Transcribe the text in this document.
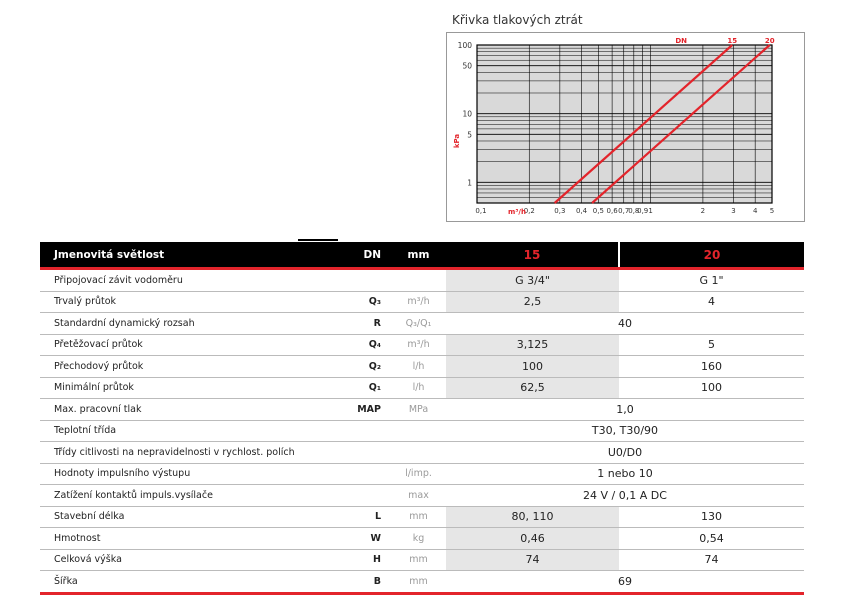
Křivka tlakových ztrát
1
5
10
50
100
0,1	0,2	0,3 0,4 0,5 0,6 0,7
0,8
0,9 1	2	3 4 5
m³/h
kPa
DN	15	20
Jmenovitá světlost	DN	mm	15	20
Připojovací závit vodoměru			G 3/4"	G 1"
Trvalý průtok	Q₃	m³/h	2,5	4
Standardní dynamický rozsah	R	Q₃/Q₁	40	
Přetěžovací průtok	Q₄	m³/h	3,125	5
Přechodový průtok	Q₂	l/h	100	160
Minimální průtok	Q₁	l/h	62,5	100
Max. pracovní tlak	MAP	MPa	1,0	
Teplotní třída			T30, T30/90	
Třídy citlivosti na nepravidelnosti v rychlost. polích			U0/D0	
Hodnoty impulsního výstupu		l/imp.	1 nebo 10	
Zatížení kontaktů impuls.vysílače		max	24 V / 0,1 A DC	
Stavební délka	L	mm	80, 110	130
Hmotnost	W	kg	0,46	0,54
Celková výška	H	mm	74	74
Šířka	B	mm	69	
